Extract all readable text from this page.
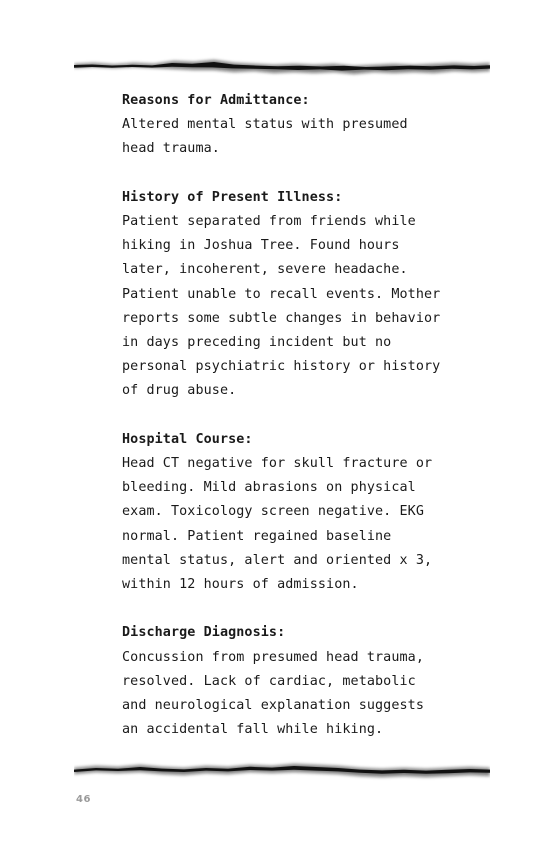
Reasons for Admittance:
Altered mental status with presumed
head trauma.
History of Present Illness:
Patient separated from friends while
hiking in Joshua Tree. Found hours
later, incoherent, severe headache.
Patient unable to recall events. Mother
reports some subtle changes in behavior
in days preceding incident but no
personal psychiatric history or history
of drug abuse.
Hospital Course:
Head CT negative for skull fracture or
bleeding. Mild abrasions on physical
exam. Toxicology screen negative. EKG
normal. Patient regained baseline
mental status, alert and oriented x 3,
within 12 hours of admission.
Discharge Diagnosis:
Concussion from presumed head trauma,
resolved. Lack of cardiac, metabolic
and neurological explanation suggests
an accidental fall while hiking.
46
